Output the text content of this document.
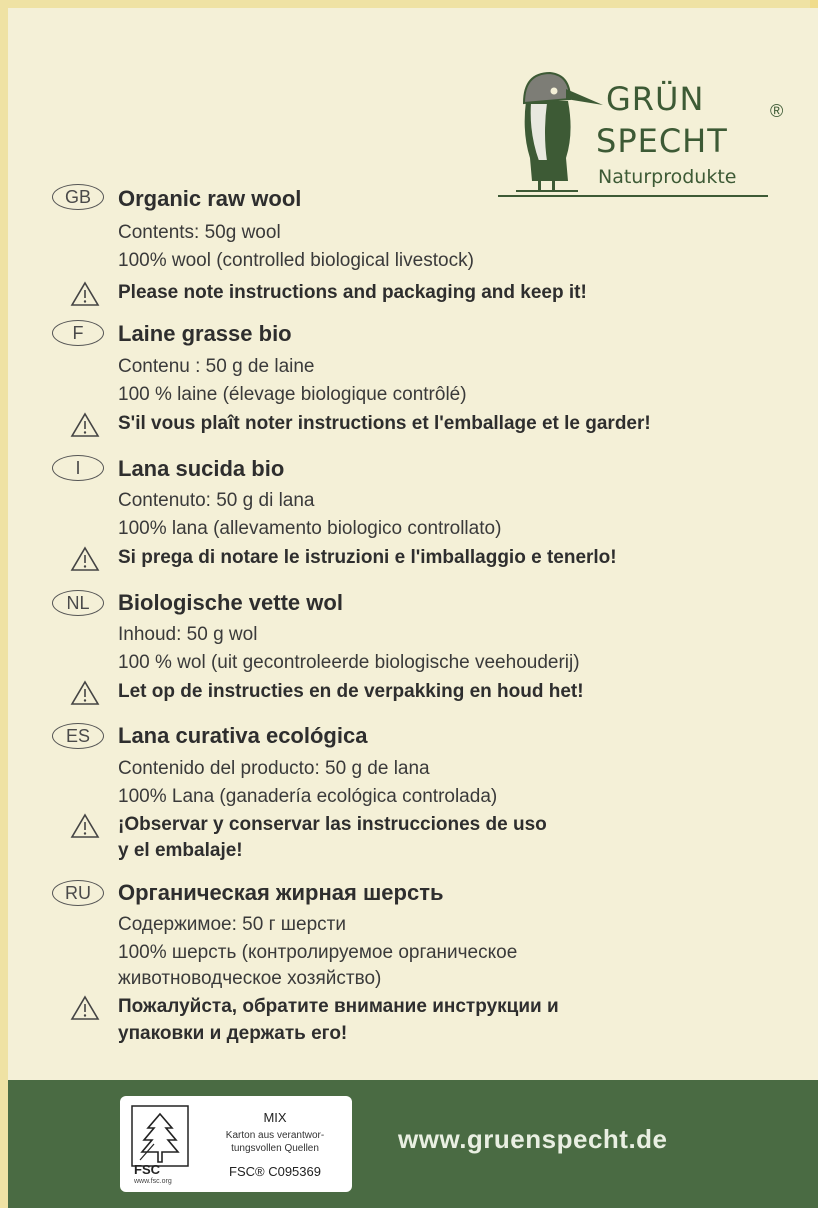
GRÜN	®
SPECHT
Naturprodukte
GB	Organic raw wool
Contents: 50g wool
100% wool (controlled biological livestock)
Please note instructions and packaging and keep it!
F	Laine grasse bio
Contenu : 50 g de laine
100 % laine (élevage biologique contrôlé)
S'il vous plaît noter instructions et l'emballage et le garder!
I	Lana sucida bio
Contenuto: 50 g di lana
100% lana (allevamento biologico controllato)
Si prega di notare le istruzioni e l'imballaggio e tenerlo!
NL	Biologische vette wol
Inhoud: 50 g wol
100 % wol (uit gecontroleerde biologische veehouderij)
Let op de instructies en de verpakking en houd het!
ES	Lana curativa ecológica
Contenido del producto: 50 g de lana
100% Lana (ganadería ecológica controlada)
¡Observar y conservar las instrucciones de uso
y el embalaje!
RU	Органическая жирная шерсть
Содержимое: 50 г шерсти
100% шерсть (контролируемое органическое
животноводческое хозяйство)
Пожалуйста, обратите внимание инструкции и
упаковки и держать его!
FSC
www.fsc.org
MIX
Karton aus verantwor-
tungsvollen Quellen
FSC® C095369
www.gruenspecht.de
